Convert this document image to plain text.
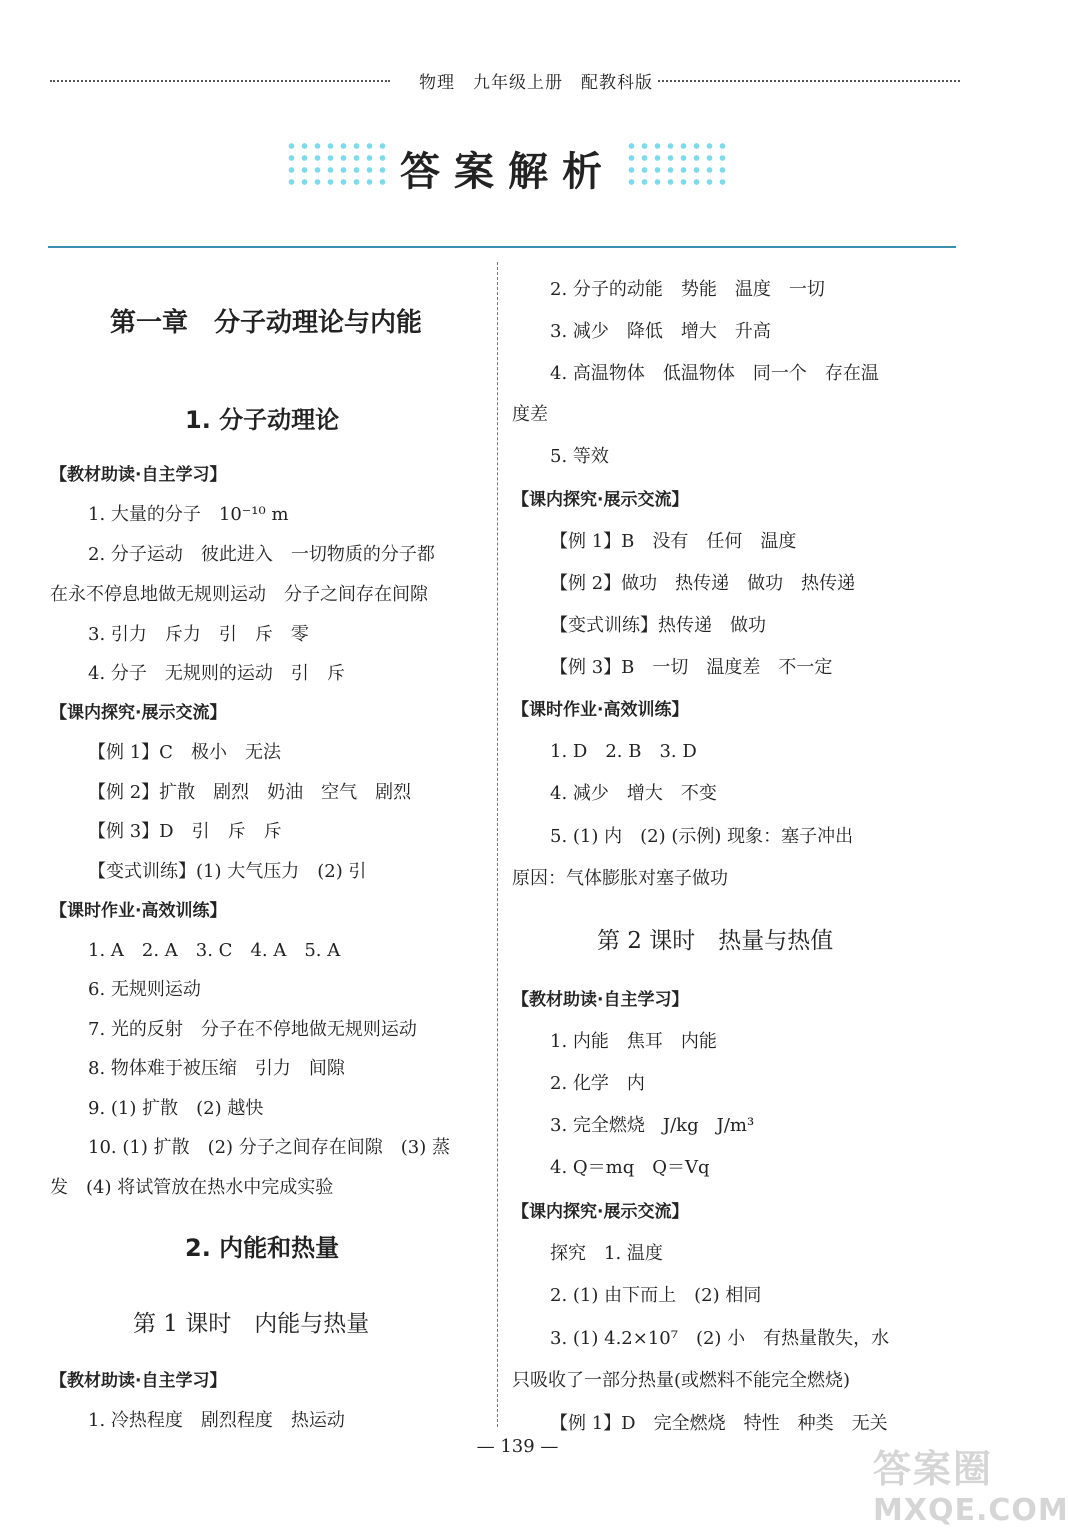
物理　九年级上册　配教科版
答案解析
第一章　分子动理论与内能
1. 分子动理论
【教材助读·自主学习】
1. 大量的分子　10⁻¹⁰ m
2. 分子运动　彼此进入　一切物质的分子都
在永不停息地做无规则运动　分子之间存在间隙
3. 引力　斥力　引　斥　零
4. 分子　无规则的运动　引　斥
【课内探究·展示交流】
【例 1】C　极小　无法
【例 2】扩散　剧烈　奶油　空气　剧烈
【例 3】D　引　斥　斥
【变式训练】(1) 大气压力　(2) 引
【课时作业·高效训练】
1. A　2. A　3. C　4. A　5. A
6. 无规则运动
7. 光的反射　分子在不停地做无规则运动
8. 物体难于被压缩　引力　间隙
9. (1) 扩散　(2) 越快
10. (1) 扩散　(2) 分子之间存在间隙　(3) 蒸
发　(4) 将试管放在热水中完成实验
2. 内能和热量
第 1 课时　内能与热量
【教材助读·自主学习】
1. 冷热程度　剧烈程度　热运动
2. 分子的动能　势能　温度　一切
3. 减少　降低　增大　升高
4. 高温物体　低温物体　同一个　存在温
度差
5. 等效
【课内探究·展示交流】
【例 1】B　没有　任何　温度
【例 2】做功　热传递　做功　热传递
【变式训练】热传递　做功
【例 3】B　一切　温度差　不一定
【课时作业·高效训练】
1. D　2. B　3. D
4. 减少　增大　不变
5. (1) 内　(2) (示例) 现象：塞子冲出
原因：气体膨胀对塞子做功
第 2 课时　热量与热值
【教材助读·自主学习】
1. 内能　焦耳　内能
2. 化学　内
3. 完全燃烧　J/kg　J/m³
4. Q＝mq　Q＝Vq
【课内探究·展示交流】
探究　1. 温度
2. (1) 由下而上　(2) 相同
3. (1) 4.2×10⁷　(2) 小　有热量散失，水
只吸收了一部分热量(或燃料不能完全燃烧)
【例 1】D　完全燃烧　特性　种类　无关
— 139 —
答案圈
MXQE.COM
